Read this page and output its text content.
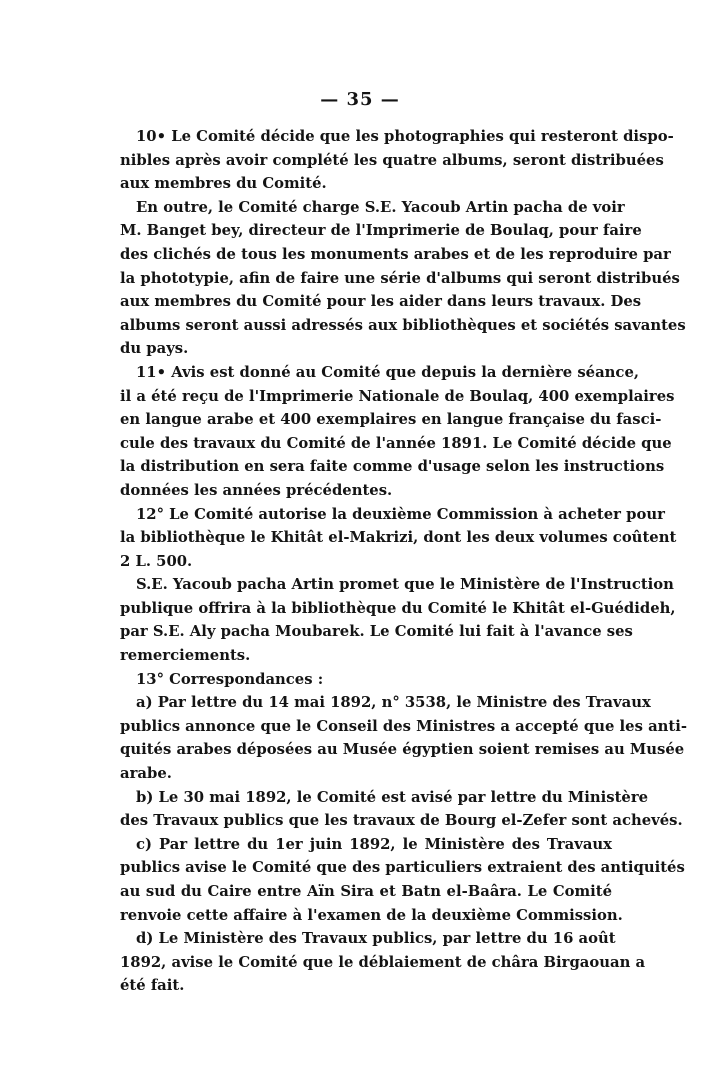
— 35 —
10• Le Comité décide que les photographies qui resteront dispo-
nibles après avoir complété les quatre albums, seront distribuées
aux membres du Comité.
En outre, le Comité charge S.E. Yacoub Artin pacha de voir
M. Banget bey, directeur de l'Imprimerie de Boulaq, pour faire
des clichés de tous les monuments arabes et de les reproduire par
la phototypie, afin de faire une série d'albums qui seront distribués
aux membres du Comité pour les aider dans leurs travaux. Des
albums seront aussi adressés aux bibliothèques et sociétés savantes
du pays.
11• Avis est donné au Comité que depuis la dernière séance,
il a été reçu de l'Imprimerie Nationale de Boulaq, 400 exemplaires
en langue arabe et 400 exemplaires en langue française du fasci-
cule des travaux du Comité de l'année 1891. Le Comité décide que
la distribution en sera faite comme d'usage selon les instructions
données les années précédentes.
12° Le Comité autorise la deuxième Commission à acheter pour
la bibliothèque le Khitât el-Makrizi, dont les deux volumes coûtent
2 L. 500.
S.E. Yacoub pacha Artin promet que le Ministère de l'Instruction
publique offrira à la bibliothèque du Comité le Khitât el-Guédideh,
par S.E. Aly pacha Moubarek. Le Comité lui fait à l'avance ses
remerciements.
13° Correspondances :
a) Par lettre du 14 mai 1892, n° 3538, le Ministre des Travaux
publics annonce que le Conseil des Ministres a accepté que les anti-
quités arabes déposées au Musée égyptien soient remises au Musée
arabe.
b) Le 30 mai 1892, le Comité est avisé par lettre du Ministère
des Travaux publics que les travaux de Bourg el-Zefer sont achevés.
c) Par lettre du 1er juin 1892, le Ministère des Travaux
publics avise le Comité que des particuliers extraient des antiquités
au sud du Caire entre Aïn Sira et Batn el-Baâra. Le Comité
renvoie cette affaire à l'examen de la deuxième Commission.
d) Le Ministère des Travaux publics, par lettre du 16 août
1892, avise le Comité que le déblaiement de châra Birgaouan a
été fait.
